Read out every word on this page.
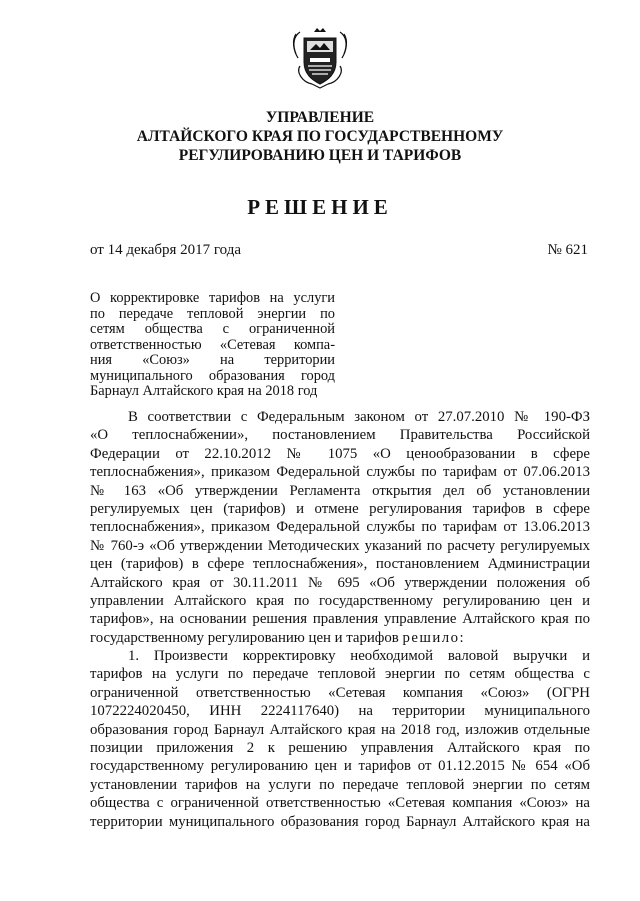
УПРАВЛЕНИЕ
АЛТАЙСКОГО КРАЯ ПО ГОСУДАРСТВЕННОМУ
РЕГУЛИРОВАНИЮ ЦЕН И ТАРИФОВ
РЕШЕНИЕ
от 14 декабря 2017 года	№ 621
О корректировке тарифов на услуги
по передаче тепловой энергии по
сетям общества с ограниченной
ответственностью «Сетевая компа-
ния «Союз» на территории
муниципального образования город
Барнаул Алтайского края на 2018 год
В соответствии с Федеральным законом от 27.07.2010 № 190-ФЗ
«О теплоснабжении», постановлением Правительства Российской
Федерации от 22.10.2012 № 1075 «О ценообразовании в сфере
теплоснабжения», приказом Федеральной службы по тарифам от 07.06.2013
№ 163 «Об утверждении Регламента открытия дел об установлении
регулируемых цен (тарифов) и отмене регулирования тарифов в сфере
теплоснабжения», приказом Федеральной службы по тарифам от 13.06.2013
№ 760-э «Об утверждении Методических указаний по расчету регулируемых
цен (тарифов) в сфере теплоснабжения», постановлением Администрации
Алтайского края от 30.11.2011 № 695 «Об утверждении положения об
управлении Алтайского края по государственному регулированию цен и
тарифов», на основании решения правления управление Алтайского края по
государственному регулированию цен и тарифов решило:
1. Произвести корректировку необходимой валовой выручки и
тарифов на услуги по передаче тепловой энергии по сетям общества с
ограниченной ответственностью «Сетевая компания «Союз» (ОГРН
1072224020450, ИНН 2224117640) на территории муниципального
образования город Барнаул Алтайского края на 2018 год, изложив отдельные
позиции приложения 2 к решению управления Алтайского края по
государственному регулированию цен и тарифов от 01.12.2015 № 654 «Об
установлении тарифов на услуги по передаче тепловой энергии по сетям
общества с ограниченной ответственностью «Сетевая компания «Союз» на
территории муниципального образования город Барнаул Алтайского края на
